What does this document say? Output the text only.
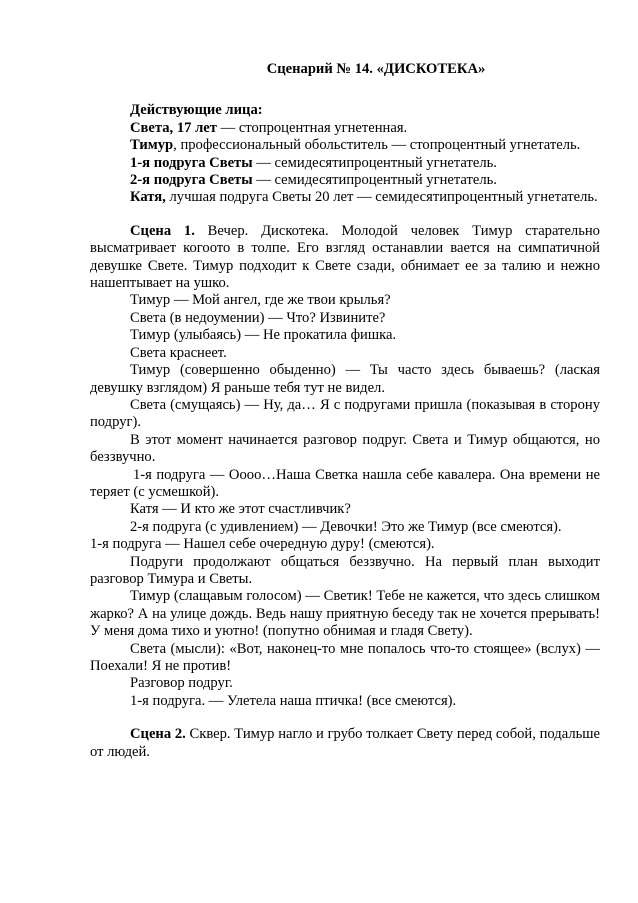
Сценарий № 14. «ДИСКОТЕКА»

Действующие лица:

Света, 17 лет — стопроцентная угнетенная.

Тимур, профессиональный обольститель — стопроцентный угнетатель.

1-я подруга Светы — семидесятипроцентный угнетатель.

2-я подруга Светы — семидесятипроцентный угнетатель.

Катя, лучшая подруга Светы 20 лет — семидесятипроцентный угнетатель.

Сцена 1. Вечер. Дискотека. Молодой человек Тимур старательно высматривает когоото в толпе. Его взгляд останавлии вается на симпатичной девушке Свете. Тимур подходит к Свете сзади, обнимает ее за талию и нежно нашептывает на ушко.

Тимур — Мой ангел, где же твои крылья?

Света (в недоумении) — Что? Извините?

Тимур (улыбаясь) — Не прокатила фишка.

Света краснеет.

Тимур (совершенно обыденно) — Ты часто здесь бываешь? (лаская девушку взглядом) Я раньше тебя тут не видел.

Света (смущаясь) — Ну, да… Я с подругами пришла (показывая в сторону подруг).

В этот момент начинается разговор подруг. Света и Тимур общаются, но беззвучно.

1-я подруга — Оооо…Наша Светка нашла себе кавалера. Она времени не теряет (с усмешкой).

Катя — И кто же этот счастливчик?

2-я подруга (с удивлением) — Девочки! Это же Тимур (все смеются).

1-я подруга — Нашел себе очередную дуру! (смеются).

Подруги продолжают общаться беззвучно. На первый план выходит разговор Тимура и Светы.

Тимур (слащавым голосом) — Светик! Тебе не кажется, что здесь слишком жарко? А на улице дождь. Ведь нашу приятную беседу так не хочется прерывать! У меня дома тихо и уютно! (попутно обнимая и гладя Свету).

Света (мысли): «Вот, наконец-то мне попалось что-то стоящее» (вслух) — Поехали! Я не против!

Разговор подруг.

1-я подруга. — Улетела наша птичка! (все смеются).

Сцена 2. Сквер. Тимур нагло и грубо толкает Свету перед собой, подальше от людей.
